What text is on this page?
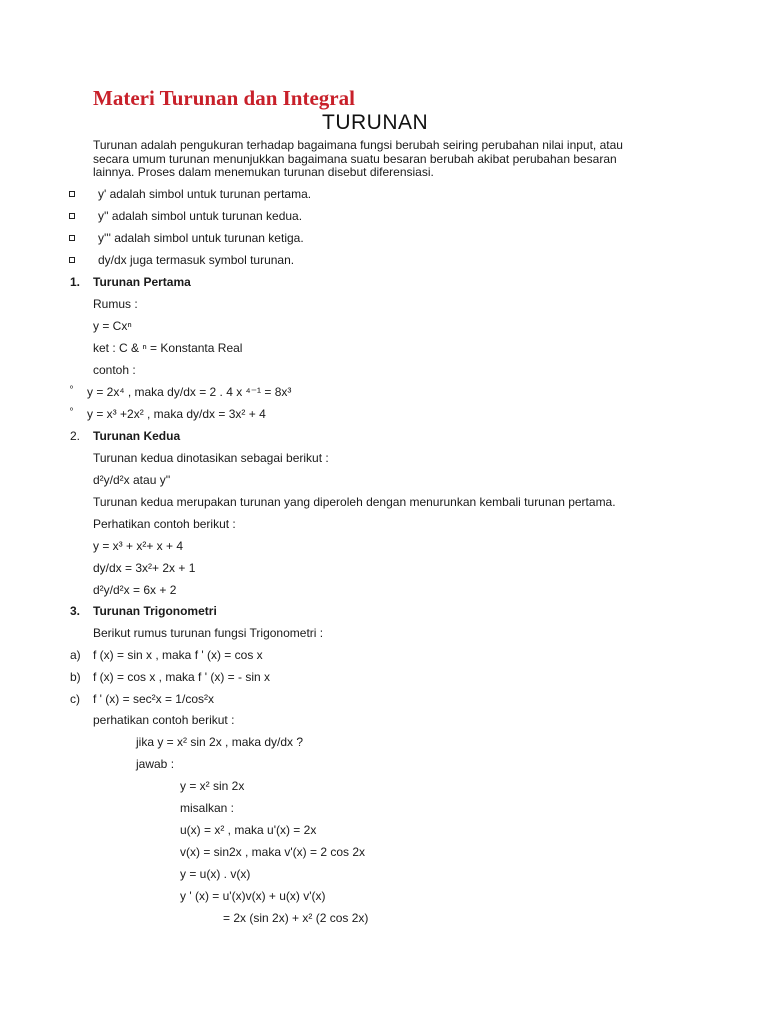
Materi Turunan dan Integral
TURUNAN
Turunan adalah pengukuran terhadap bagaimana fungsi berubah seiring perubahan nilai input, atau
secara umum turunan menunjukkan bagaimana suatu besaran berubah akibat perubahan besaran
lainnya. Proses dalam menemukan turunan disebut diferensiasi.
y' adalah simbol untuk turunan pertama.
y'' adalah simbol untuk turunan kedua.
y''' adalah simbol untuk turunan ketiga.
dy/dx juga termasuk symbol turunan.
1. Turunan Pertama
Rumus :
y = Cxⁿ
ket : C & ⁿ = Konstanta Real
contoh :
º y = 2x⁴ , maka dy/dx = 2 . 4 x ⁴⁻¹ = 8x³
º y = x³ +2x² , maka dy/dx = 3x² + 4
2. Turunan Kedua
Turunan kedua dinotasikan sebagai berikut :
d²y/d²x atau y''
Turunan kedua merupakan turunan yang diperoleh dengan menurunkan kembali turunan pertama.
Perhatikan contoh berikut :
y = x³ + x²+ x + 4
dy/dx = 3x²+ 2x + 1
d²y/d²x = 6x + 2
3. Turunan Trigonometri
Berikut rumus turunan fungsi Trigonometri :
a) f (x) = sin x , maka f ' (x) = cos x
b) f (x) = cos x , maka f ' (x) = - sin x
c) f ' (x) = sec²x = 1/cos²x
perhatikan contoh berikut :
jika y = x² sin 2x , maka dy/dx ?
jawab :
y = x² sin 2x
misalkan :
u(x) = x² , maka u'(x) = 2x
v(x) = sin2x , maka v'(x) = 2 cos 2x
y = u(x) . v(x)
y ' (x) = u'(x)v(x) + u(x) v'(x)
= 2x (sin 2x) + x² (2 cos 2x)
